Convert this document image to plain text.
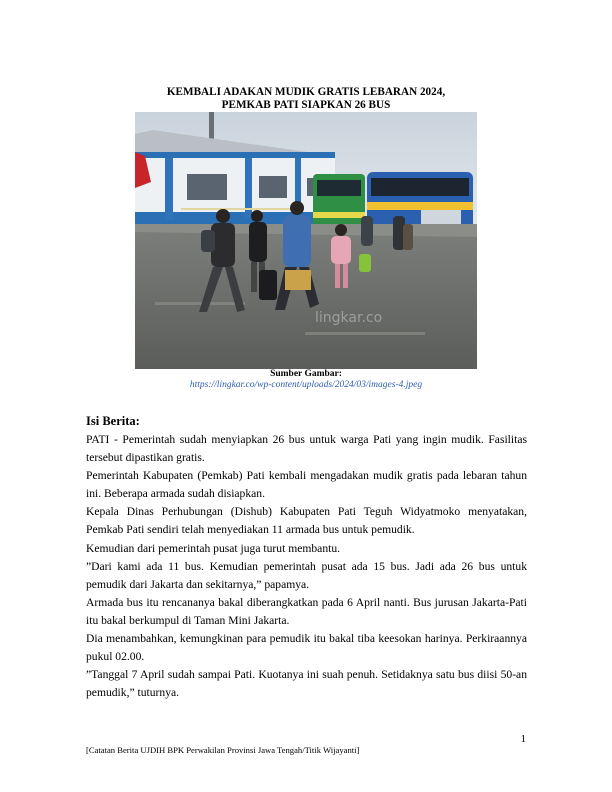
KEMBALI ADAKAN MUDIK GRATIS LEBARAN 2024,
PEMKAB PATI SIAPKAN 26 BUS
lingkar.co
Sumber Gambar:
https://lingkar.co/wp-content/uploads/2024/03/images-4.jpeg
Isi Berita:

PATI - Pemerintah sudah menyiapkan 26 bus untuk warga Pati yang ingin mudik. Fasilitas tersebut dipastikan gratis.

Pemerintah Kabupaten (Pemkab) Pati kembali mengadakan mudik gratis pada lebaran tahun ini. Beberapa armada sudah disiapkan.

Kepala Dinas Perhubungan (Dishub) Kabupaten Pati Teguh Widyatmoko menyatakan, Pemkab Pati sendiri telah menyediakan 11 armada bus untuk pemudik.

Kemudian dari pemerintah pusat juga turut membantu.

”Dari kami ada 11 bus. Kemudian pemerintah pusat ada 15 bus. Jadi ada 26 bus untuk pemudik dari Jakarta dan sekitarnya,” papamya.

Armada bus itu rencananya bakal diberangkatkan pada 6 April nanti. Bus jurusan Jakarta-Pati itu bakal berkumpul di Taman Mini Jakarta.

Dia menambahkan, kemungkinan para pemudik itu bakal tiba keesokan harinya. Perkiraannya pukul 02.00.

”Tanggal 7 April sudah sampai Pati. Kuotanya ini suah penuh. Setidaknya satu bus diisi 50-an pemudik,” tuturnya.

1
[Catatan Berita UJDIH BPK Perwakilan Provinsi Jawa Tengah/Titik Wijayanti]
